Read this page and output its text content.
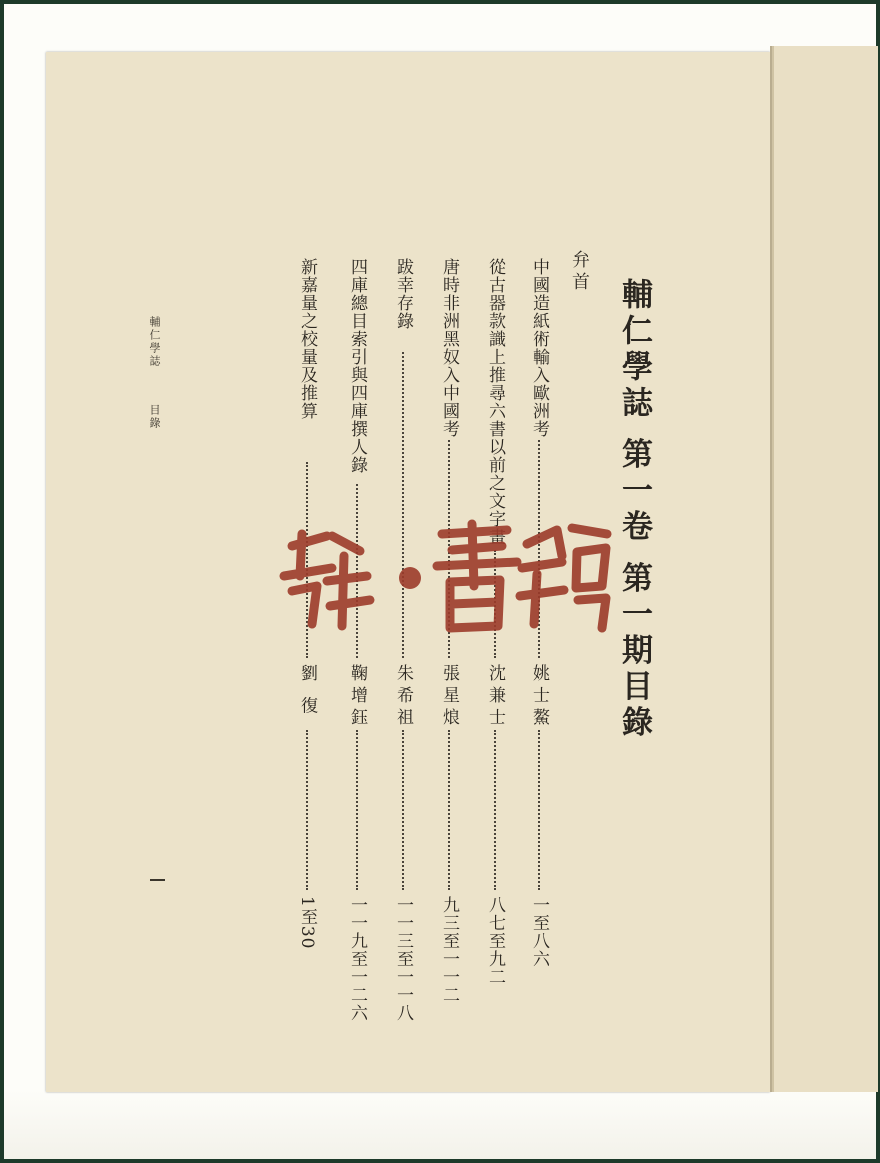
輔仁學誌 第一卷 第一期目錄
弁首
中國造紙術輸入歐洲考
姚士鰲
一至八六
從古器款識上推尋六書以前之文字畫
沈兼士
八七至九二
唐時非洲黑奴入中國考
張星烺
九三至一一二
跋幸存錄
朱希祖
一一三至一一八
四庫總目索引與四庫撰人錄
鞠增鈺
一一九至一二六
新嘉量之校量及推算
劉 復
1至30
輔仁學誌目錄
